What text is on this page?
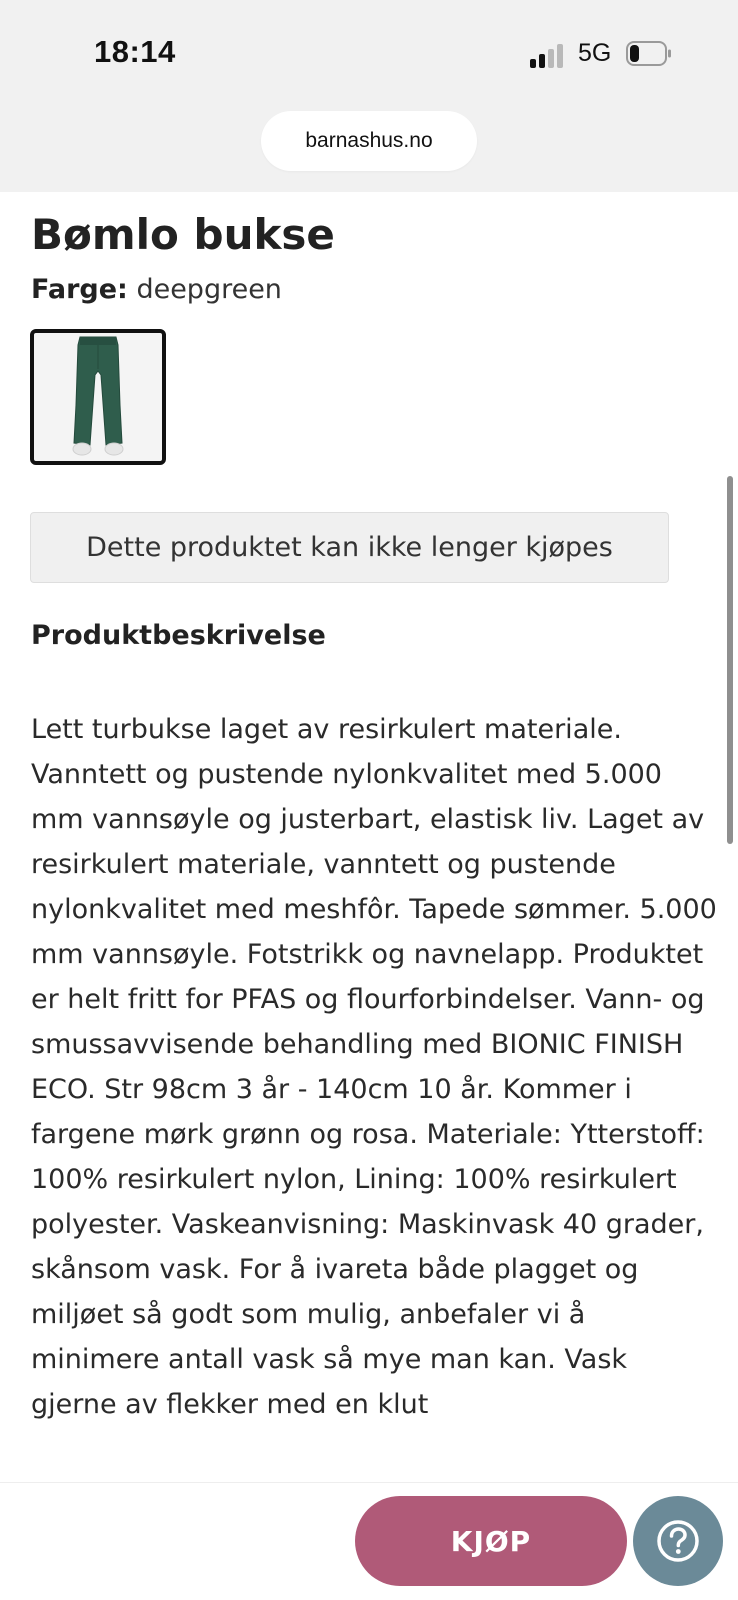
18:14	5G
barnashus.no
Bømlo bukse
Farge: deepgreen
Dette produktet kan ikke lenger kjøpes
Produktbeskrivelse

Lett turbukse laget av resirkulert materiale. Vanntett og pustende nylonkvalitet med 5.000 mm vannsøyle og justerbart, elastisk liv. Laget av resirkulert materiale, vanntett og pustende nylonkvalitet med meshfôr. Tapede sømmer. 5.000 mm vannsøyle. Fotstrikk og navnelapp. Produktet er helt fritt for PFAS og flourforbindelser. Vann- og smussavvisende behandling med BIONIC FINISH ECO. Str 98cm 3 år - 140cm 10 år. Kommer i fargene mørk grønn og rosa. Materiale: Ytterstoff: 100% resirkulert nylon, Lining: 100% resirkulert polyester. Vaskeanvisning: Maskinvask 40 grader, skånsom vask. For å ivareta både plagget og miljøet så godt som mulig, anbefaler vi å minimere antall vask så mye man kan. Vask gjerne av flekker med en klut

KJØP
